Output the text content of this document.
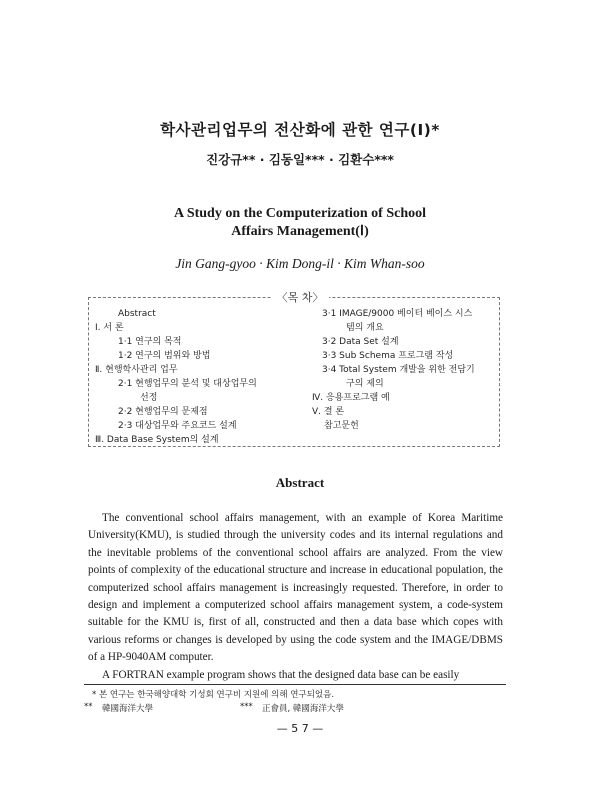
학사관리업무의 전산화에 관한 연구(Ⅰ)*
진강규** · 김동일*** · 김환수***
A Study on the Computerization of School
Affairs Management(Ⅰ)
Jin Gang-gyoo · Kim Dong-il · Kim Whan-soo
〈목 차〉
Abstract
Ⅰ. 서 론
1·1 연구의 목적
1·2 연구의 범위와 방법
Ⅱ. 현행학사관리 업무
2·1 현행업무의 분석 및 대상업무의
선정
2·2 현행업무의 문제점
2·3 대상업무와 주요코드 설계
Ⅲ. Data Base System의 설계
3·1 IMAGE/9000 베이터 베이스 시스
템의 개요
3·2 Data Set 설계
3·3 Sub Schema 프로그램 작성
3·4 Total System 개발을 위한 전담기
구의 제의
Ⅳ. 응용프로그램 예
Ⅴ. 결 론
참고문헌
Abstract

The conventional school affairs management, with an example of Korea Maritime University(KMU), is studied through the university codes and its internal regulations and the inevitable problems of the conventional school affairs are analyzed. From the view points of complexity of the educational structure and increase in educational population, the computerized school affairs management is increasingly requested. Therefore, in order to design and implement a computerized school affairs management system, a code-system suitable for the KMU is, first of all, constructed and then a data base which copes with various reforms or changes is developed by using the code system and the IMAGE/DBMS of a HP-9040AM computer.

A FORTRAN example program shows that the designed data base can be easily

* 본 연구는 한국해양대학 기성회 연구비 지원에 의해 연구되었음.
** 韓國海洋大學	*** 正會員, 韓國海洋大學
— 5 7 —
